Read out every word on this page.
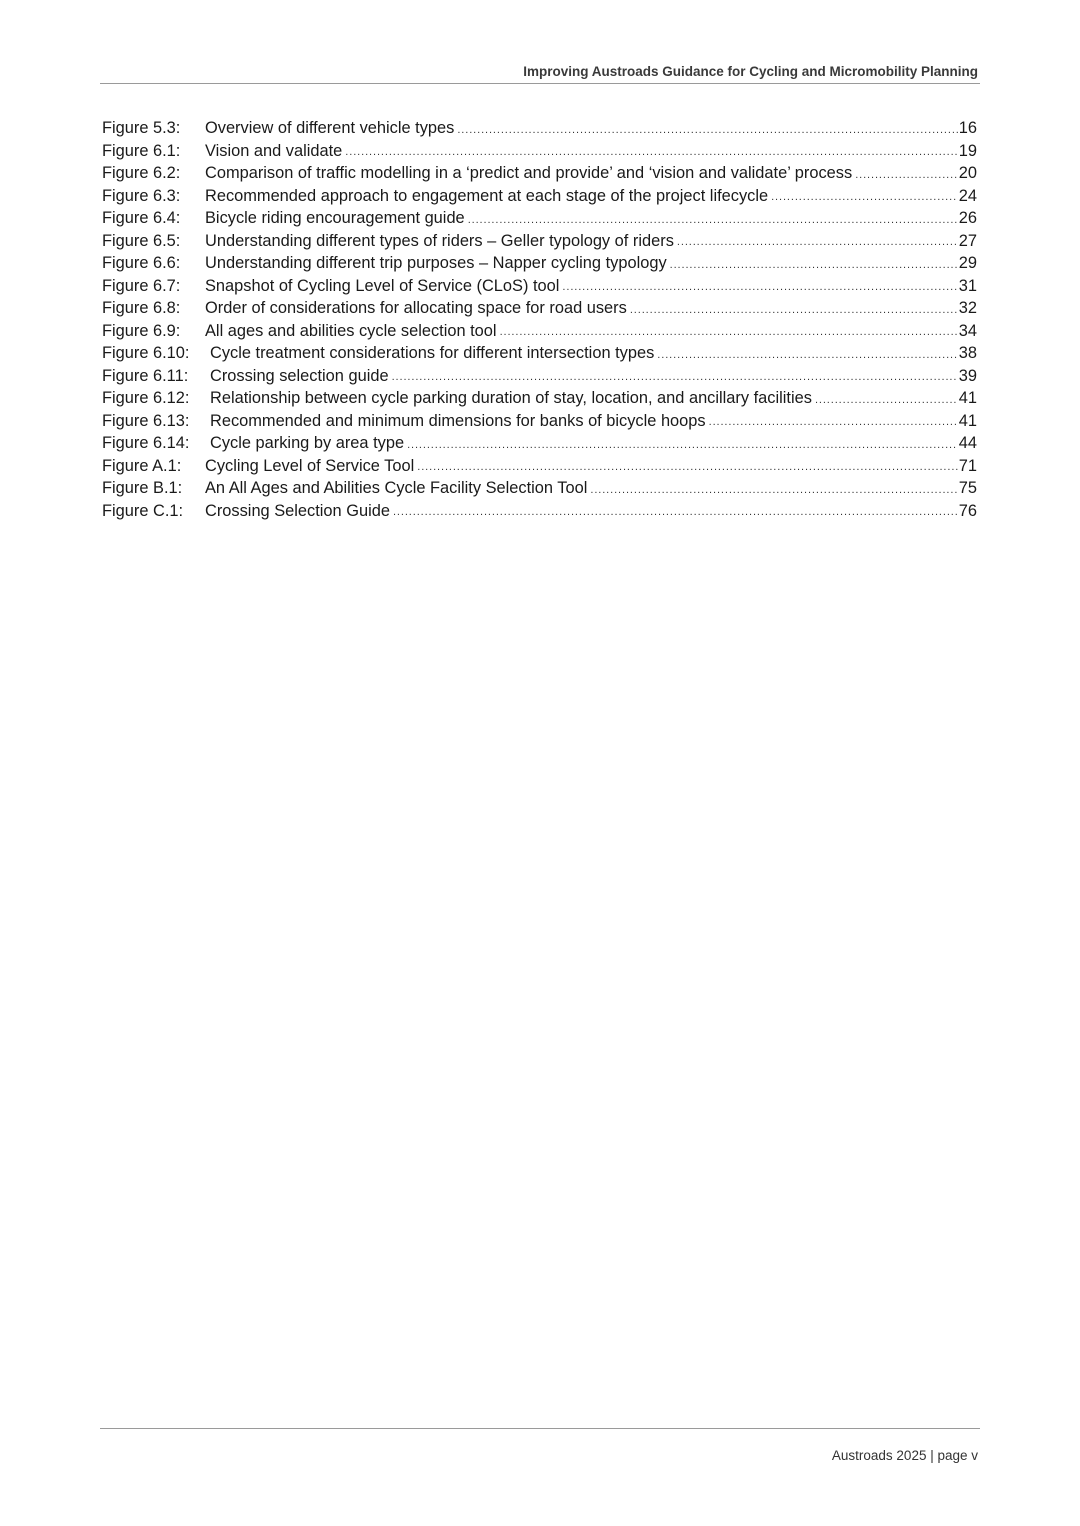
Improving Austroads Guidance for Cycling and Micromobility Planning
Figure 5.3:	Overview of different vehicle types .....	16
Figure 6.1:	Vision and validate .....	19
Figure 6.2:	Comparison of traffic modelling in a ‘predict and provide’ and ‘vision and validate’ process .....	20
Figure 6.3:	Recommended approach to engagement at each stage of the project lifecycle .....	24
Figure 6.4:	Bicycle riding encouragement guide .....	26
Figure 6.5:	Understanding different types of riders – Geller typology of riders .....	27
Figure 6.6:	Understanding different trip purposes – Napper cycling typology .....	29
Figure 6.7:	Snapshot of Cycling Level of Service (CLoS) tool .....	31
Figure 6.8:	Order of considerations for allocating space for road users .....	32
Figure 6.9:	All ages and abilities cycle selection tool .....	34
Figure 6.10:	Cycle treatment considerations for different intersection types .....	38
Figure 6.11:	Crossing selection guide .....	39
Figure 6.12:	Relationship between cycle parking duration of stay, location, and ancillary facilities .....	41
Figure 6.13:	Recommended and minimum dimensions for banks of bicycle hoops .....	41
Figure 6.14:	Cycle parking by area type .....	44
Figure A.1:	Cycling Level of Service Tool .....	71
Figure B.1:	An All Ages and Abilities Cycle Facility Selection Tool .....	75
Figure C.1:	Crossing Selection Guide .....	76
Austroads 2025 | page v
